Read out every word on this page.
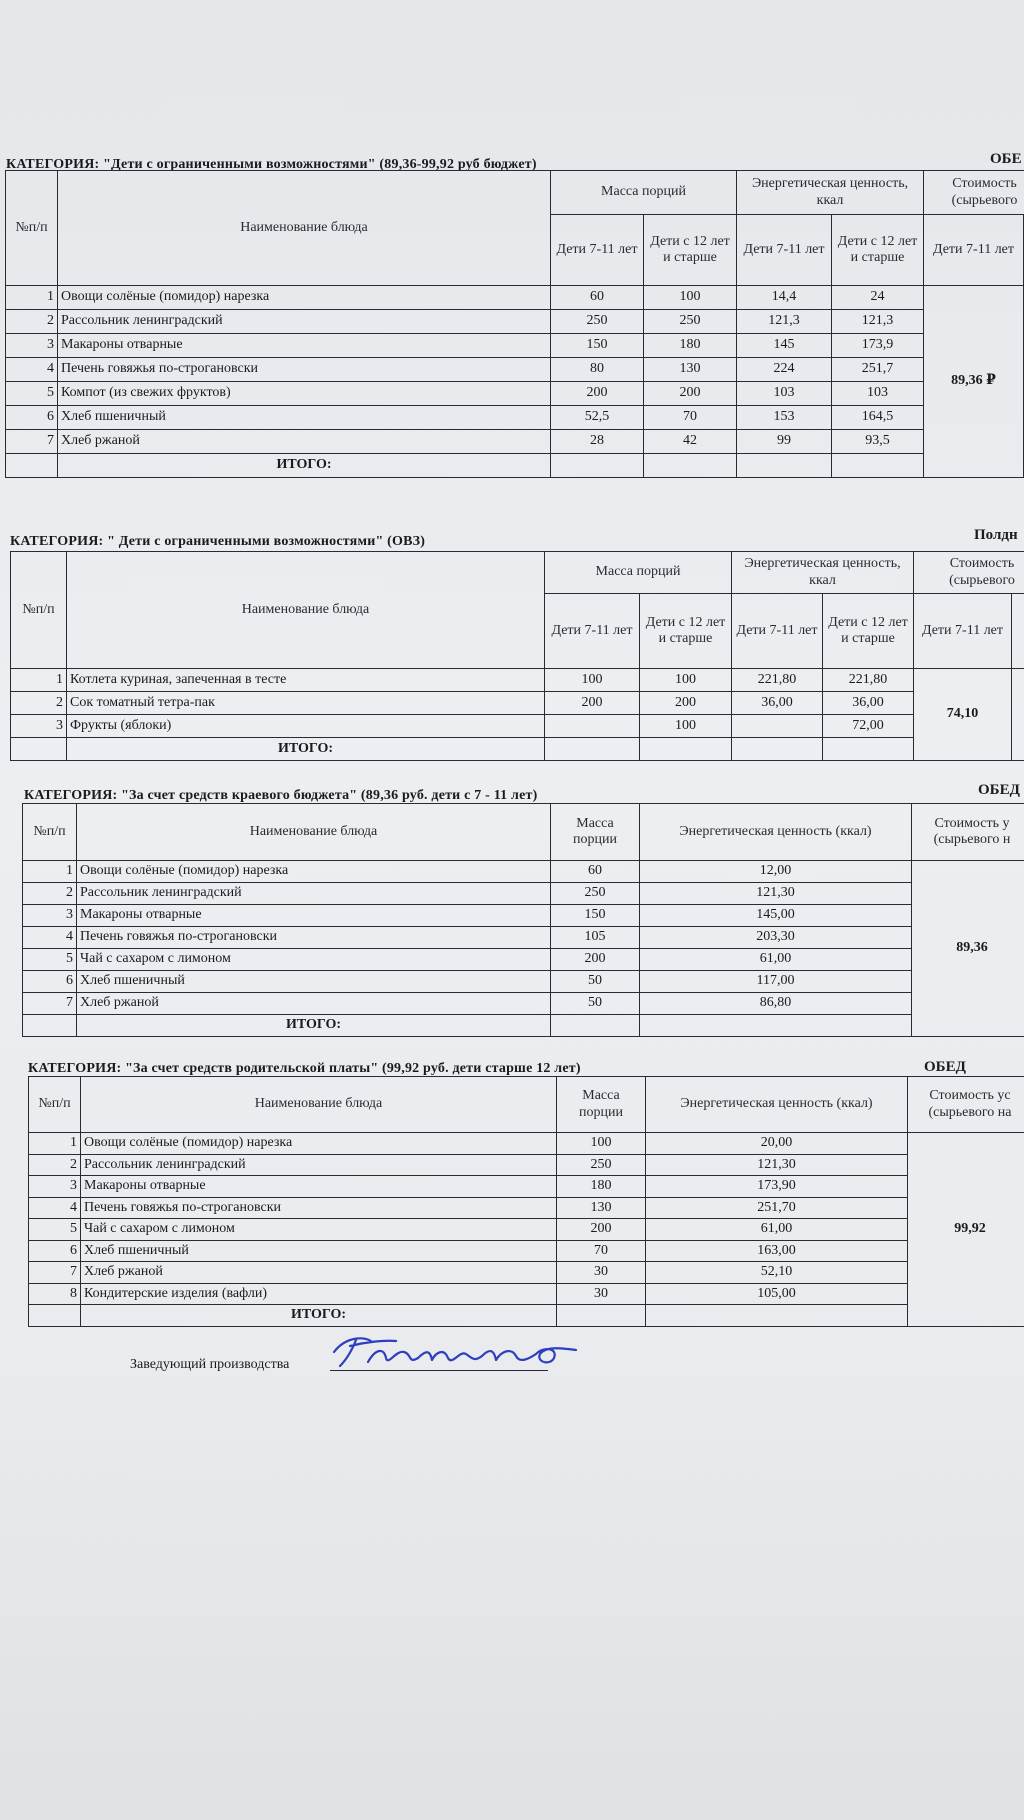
КАТЕГОРИЯ: "Дети с ограниченными возможностями" (89,36-99,92 руб бюджет)	ОБЕ
№п/п	Наименование блюда	Масса порций		Энергетическая ценность, ккал		Стоимость (сырьевого	
		Дети 7-11 лет	Дети с 12 лет и старше	Дети 7-11 лет	Дети с 12 лет и старше	Дети 7-11 лет	
1	Овощи солёные (помидор) нарезка	60	100	14,4	24	89,36 ₽	
2	Рассольник ленинградский	250	250	121,3	121,3		
3	Макароны отварные	150	180	145	173,9		
4	Печень говяжья по-строгановски	80	130	224	251,7		
5	Компот (из свежих фруктов)	200	200	103	103		
6	Хлеб пшеничный	52,5	70	153	164,5		
7	Хлеб ржаной	28	42	99	93,5		
	ИТОГО:						
КАТЕГОРИЯ: " Дети с ограниченными возможностями" (ОВЗ)	Полдн
№п/п	Наименование блюда	Масса порций		Энергетическая ценность, ккал		Стоимость (сырьевого	
		Дети 7-11 лет	Дети с 12 лет и старше	Дети 7-11 лет	Дети с 12 лет и старше	Дети 7-11 лет	
1	Котлета куриная, запеченная в тесте	100	100	221,80	221,80	74,10	
2	Сок томатный тетра-пак	200	200	36,00	36,00		
3	Фрукты (яблоки)		100		72,00		
	ИТОГО:						
КАТЕГОРИЯ: "За счет средств краевого бюджета" (89,36 руб. дети с 7 - 11 лет)	ОБЕД
№п/п	Наименование блюда	Масса порции	Энергетическая ценность (ккал)	Стоимость у (сырьевого н
1	Овощи солёные (помидор) нарезка	60	12,00	89,36
2	Рассольник ленинградский	250	121,30	
3	Макароны отварные	150	145,00	
4	Печень говяжья по-строгановски	105	203,30	
5	Чай с сахаром с лимоном	200	61,00	
6	Хлеб пшеничный	50	117,00	
7	Хлеб ржаной	50	86,80	
	ИТОГО:			
КАТЕГОРИЯ: "За счет средств родительской платы" (99,92 руб. дети старше 12 лет)	ОБЕД
№п/п	Наименование блюда	Масса порции	Энергетическая ценность (ккал)	Стоимость ус (сырьевого на
1	Овощи солёные (помидор) нарезка	100	20,00	99,92
2	Рассольник ленинградский	250	121,30	
3	Макароны отварные	180	173,90	
4	Печень говяжья по-строгановски	130	251,70	
5	Чай с сахаром с лимоном	200	61,00	
6	Хлеб пшеничный	70	163,00	
7	Хлеб ржаной	30	52,10	
8	Кондитерские изделия (вафли)	30	105,00	
	ИТОГО:			
Заведующий производства
